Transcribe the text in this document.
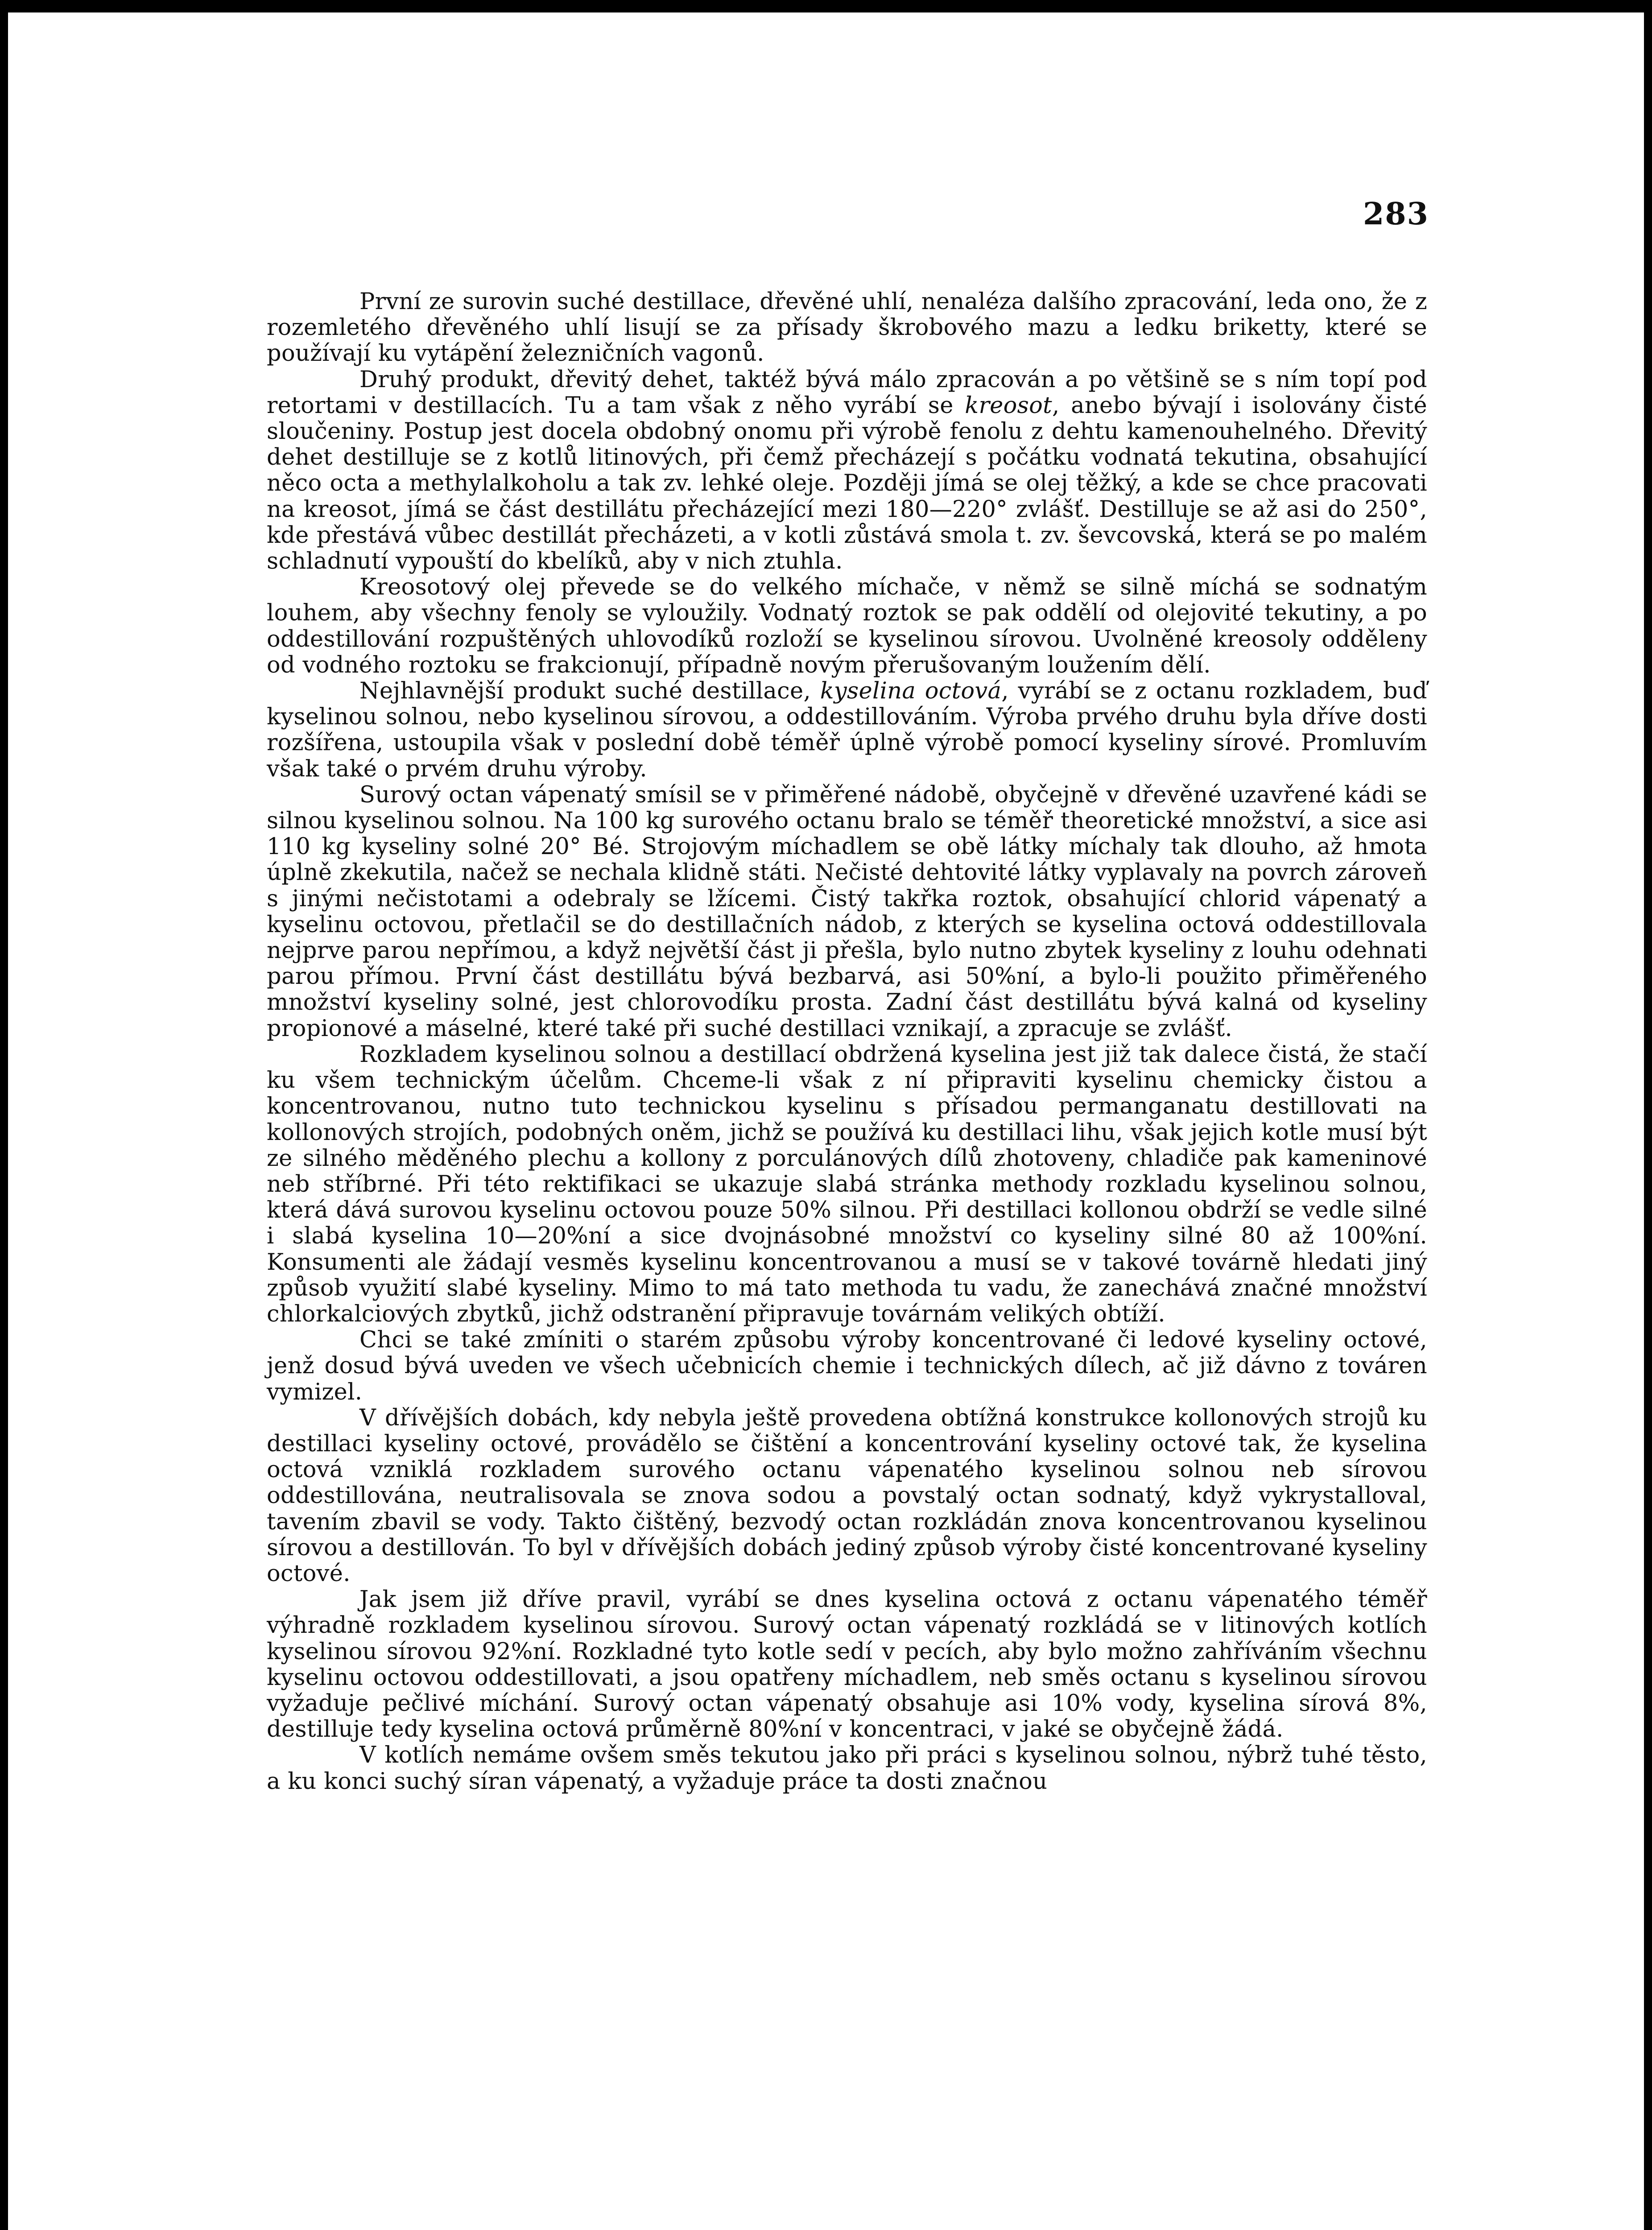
283

První ze surovin suché destillace, dřevěné uhlí, nenaléza dalšího zpracování, leda ono, že z rozemletého dřevěného uhlí lisují se za přísady škrobového mazu a ledku briketty, které se používají ku vytápění železničních vagonů.

Druhý produkt, dřevitý dehet, taktéž bývá málo zpracován a po většině se s ním topí pod retortami v destillacích. Tu a tam však z něho vyrábí se kreosot, anebo bývají i isolovány čisté sloučeniny. Postup jest docela obdobný onomu při výrobě fenolu z dehtu kamenouhelného. Dřevitý dehet destilluje se z kotlů litinových, při čemž přecházejí s počátku vodnatá tekutina, obsahující něco octa a methylalkoholu a tak zv. lehké oleje. Později jímá se olej těžký, a kde se chce pracovati na kreosot, jímá se část destillátu přecházející mezi 180—220° zvlášť. Destilluje se až asi do 250°, kde přestává vůbec destillát přecházeti, a v kotli zůstává smola t. zv. ševcovská, která se po malém schladnutí vypouští do kbelíků, aby v nich ztuhla.

Kreosotový olej převede se do velkého míchače, v němž se silně míchá se sodnatým louhem, aby všechny fenoly se vyloužily. Vodnatý roztok se pak oddělí od olejovité tekutiny, a po oddestillování rozpuštěných uhlovodíků rozloží se kyselinou sírovou. Uvolněné kreosoly odděleny od vodného roztoku se frakcionují, případně novým přerušovaným loužením dělí.

Nejhlavnější produkt suché destillace, kyselina octová, vyrábí se z octanu rozkladem, buď kyselinou solnou, nebo kyselinou sírovou, a oddestillováním. Výroba prvého druhu byla dříve dosti rozšířena, ustoupila však v poslední době téměř úplně výrobě pomocí kyseliny sírové. Promluvím však také o prvém druhu výroby.

Surový octan vápenatý smísil se v přiměřené nádobě, obyčejně v dřevěné uzavřené kádi se silnou kyselinou solnou. Na 100 kg surového octanu bralo se téměř theoretické množství, a sice asi 110 kg kyseliny solné 20° Bé. Strojovým míchadlem se obě látky míchaly tak dlouho, až hmota úplně zkekutila, načež se nechala klidně státi. Nečisté dehtovité látky vyplavaly na povrch zároveň s jinými nečistotami a odebraly se lžícemi. Čistý takřka roztok, obsahující chlorid vápenatý a kyselinu octovou, přetlačil se do destillačních nádob, z kterých se kyselina octová oddestillovala nejprve parou nepřímou, a když největší část ji přešla, bylo nutno zbytek kyseliny z louhu odehnati parou přímou. První část destillátu bývá bezbarvá, asi 50%ní, a bylo-li použito přiměřeného množství kyseliny solné, jest chlorovodíku prosta. Zadní část destillátu bývá kalná od kyseliny propionové a máselné, které také při suché destillaci vznikají, a zpracuje se zvlášť.

Rozkladem kyselinou solnou a destillací obdržená kyselina jest již tak dalece čistá, že stačí ku všem technickým účelům. Chceme-li však z ní připraviti kyselinu chemicky čistou a koncentrovanou, nutno tuto technickou kyselinu s přísadou permanganatu destillovati na kollonových strojích, podobných oněm, jichž se používá ku destillaci lihu, však jejich kotle musí být ze silného měděného plechu a kollony z porculánových dílů zhotoveny, chladiče pak kameninové neb stříbrné. Při této rektifikaci se ukazuje slabá stránka methody rozkladu kyselinou solnou, která dává surovou kyselinu octovou pouze 50% silnou. Při destillaci kollonou obdrží se vedle silné i slabá kyselina 10—20%ní a sice dvojnásobné množství co kyseliny silné 80 až 100%ní. Konsumenti ale žádají vesměs kyselinu koncentrovanou a musí se v takové továrně hledati jiný způsob využití slabé kyseliny. Mimo to má tato methoda tu vadu, že zanechává značné množství chlorkalciových zbytků, jichž odstranění připravuje továrnám velikých obtíží.

Chci se také zmíniti o starém způsobu výroby koncentrované či ledové kyseliny octové, jenž dosud bývá uveden ve všech učebnicích chemie i technických dílech, ač již dávno z továren vymizel.

V dřívějších dobách, kdy nebyla ještě provedena obtížná konstrukce kollonových strojů ku destillaci kyseliny octové, provádělo se čištění a koncentrování kyseliny octové tak, že kyselina octová vzniklá rozkladem surového octanu vápenatého kyselinou solnou neb sírovou oddestillována, neutralisovala se znova sodou a povstalý octan sodnatý, když vykrystalloval, tavením zbavil se vody. Takto čištěný, bezvodý octan rozkládán znova koncentrovanou kyselinou sírovou a destillován. To byl v dřívějších dobách jediný způsob výroby čisté koncentrované kyseliny octové.

Jak jsem již dříve pravil, vyrábí se dnes kyselina octová z octanu vápenatého téměř výhradně rozkladem kyselinou sírovou. Surový octan vápenatý rozkládá se v litinových kotlích kyselinou sírovou 92%ní. Rozkladné tyto kotle sedí v pecích, aby bylo možno zahříváním všechnu kyselinu octovou oddestillovati, a jsou opatřeny míchadlem, neb směs octanu s kyselinou sírovou vyžaduje pečlivé míchání. Surový octan vápenatý obsahuje asi 10% vody, kyselina sírová 8%, destilluje tedy kyselina octová průměrně 80%ní v koncentraci, v jaké se obyčejně žádá.

V kotlích nemáme ovšem směs tekutou jako při práci s kyselinou solnou, nýbrž tuhé těsto, a ku konci suchý síran vápenatý, a vyžaduje práce ta dosti značnou
